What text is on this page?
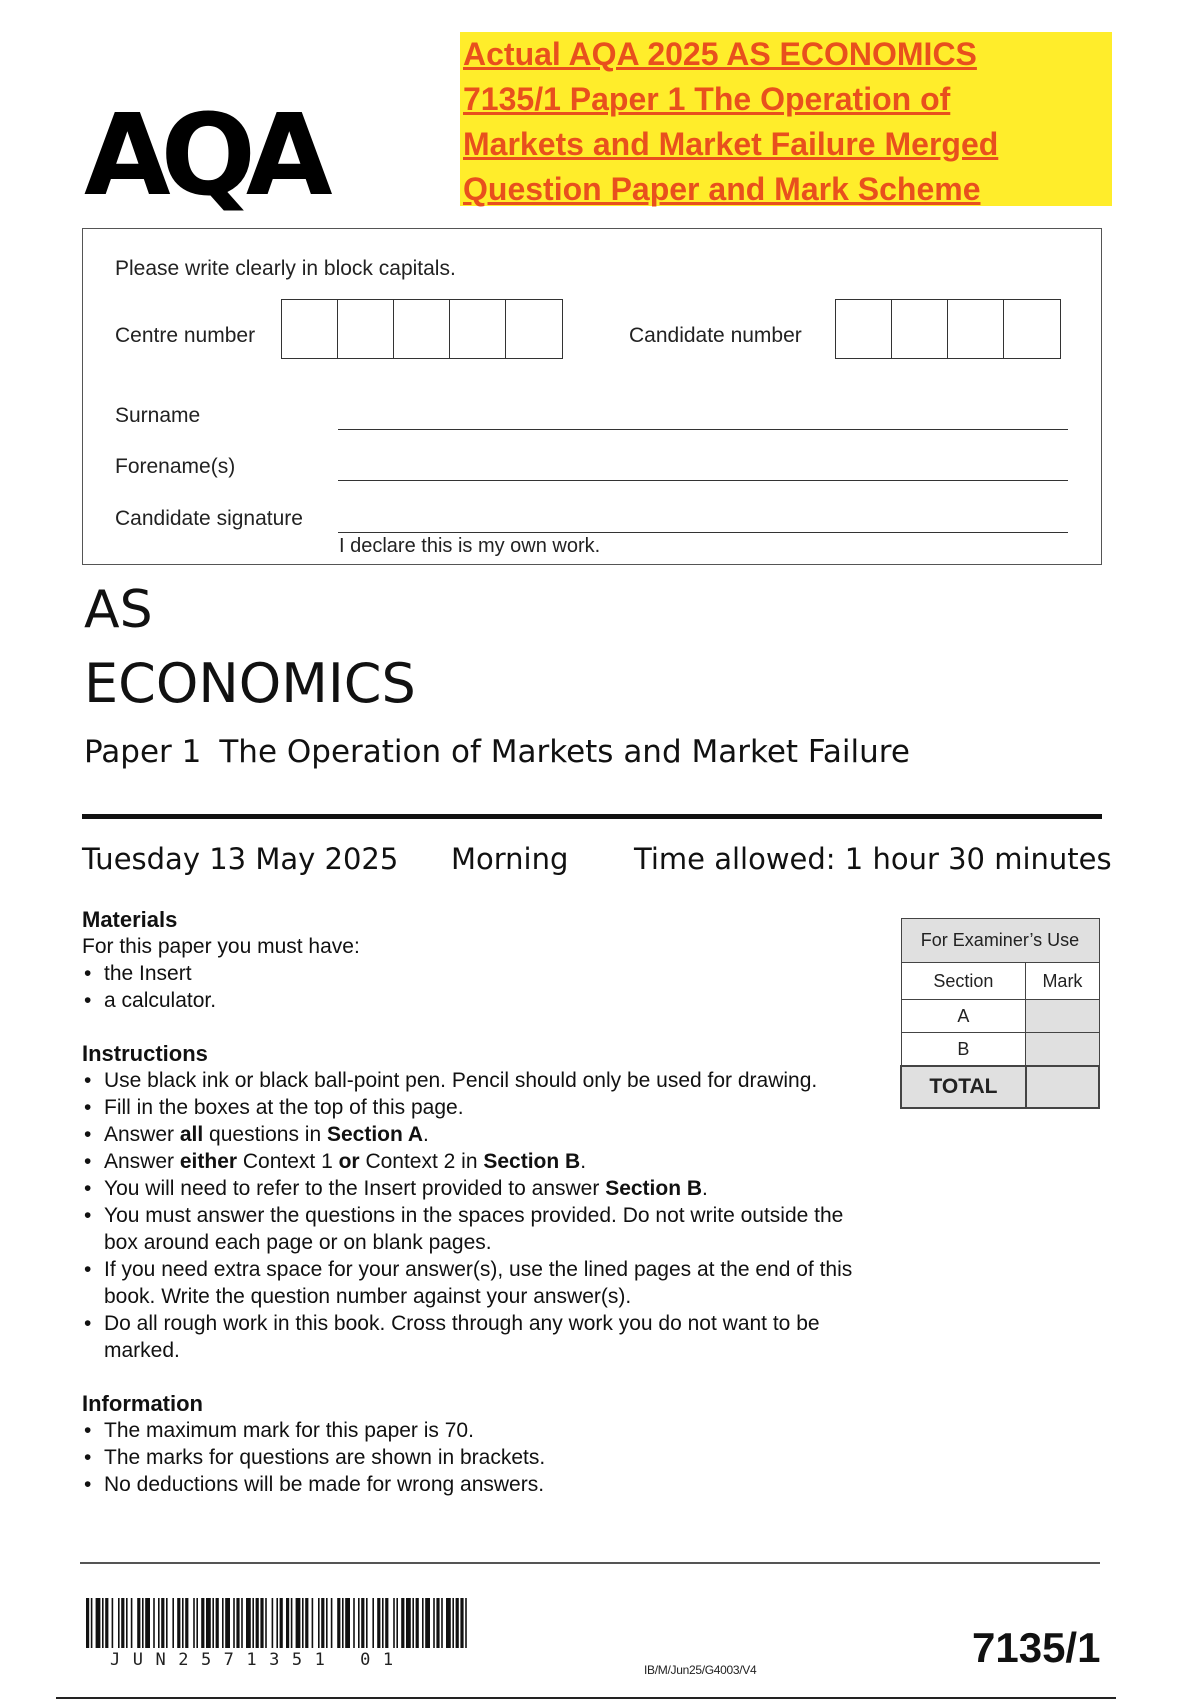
AQA
Actual AQA 2025 AS ECONOMICS
7135/1 Paper 1 The Operation of
Markets and Market Failure Merged
Question Paper and Mark Scheme
Please write clearly in block capitals.
Centre number	Candidate number
Surname
Forename(s)
Candidate signature
I declare this is my own work.
AS
ECONOMICS
Paper 1 The Operation of Markets and Market Failure
Tuesday 13 May 2025 Morning Time allowed: 1 hour 30 minutes
Materials
For this paper you must have:
• the Insert
• a calculator.
Instructions
• Use black ink or black ball-point pen. Pencil should only be used for drawing.
• Fill in the boxes at the top of this page.
• Answer all questions in Section A.
• Answer either Context 1 or Context 2 in Section B.
• You will need to refer to the Insert provided to answer Section B.
• You must answer the questions in the spaces provided. Do not write outside the box around each page or on blank pages.
• If you need extra space for your answer(s), use the lined pages at the end of this book. Write the question number against your answer(s).
• Do all rough work in this book. Cross through any work you do not want to be marked.
Information
• The maximum mark for this paper is 70.
• The marks for questions are shown in brackets.
• No deductions will be made for wrong answers.
For Examiner’s Use	
Section	Mark
A	
B	
TOTAL	
JUN2571351 01	IB/M/Jun25/G4003/V4	7135/1
